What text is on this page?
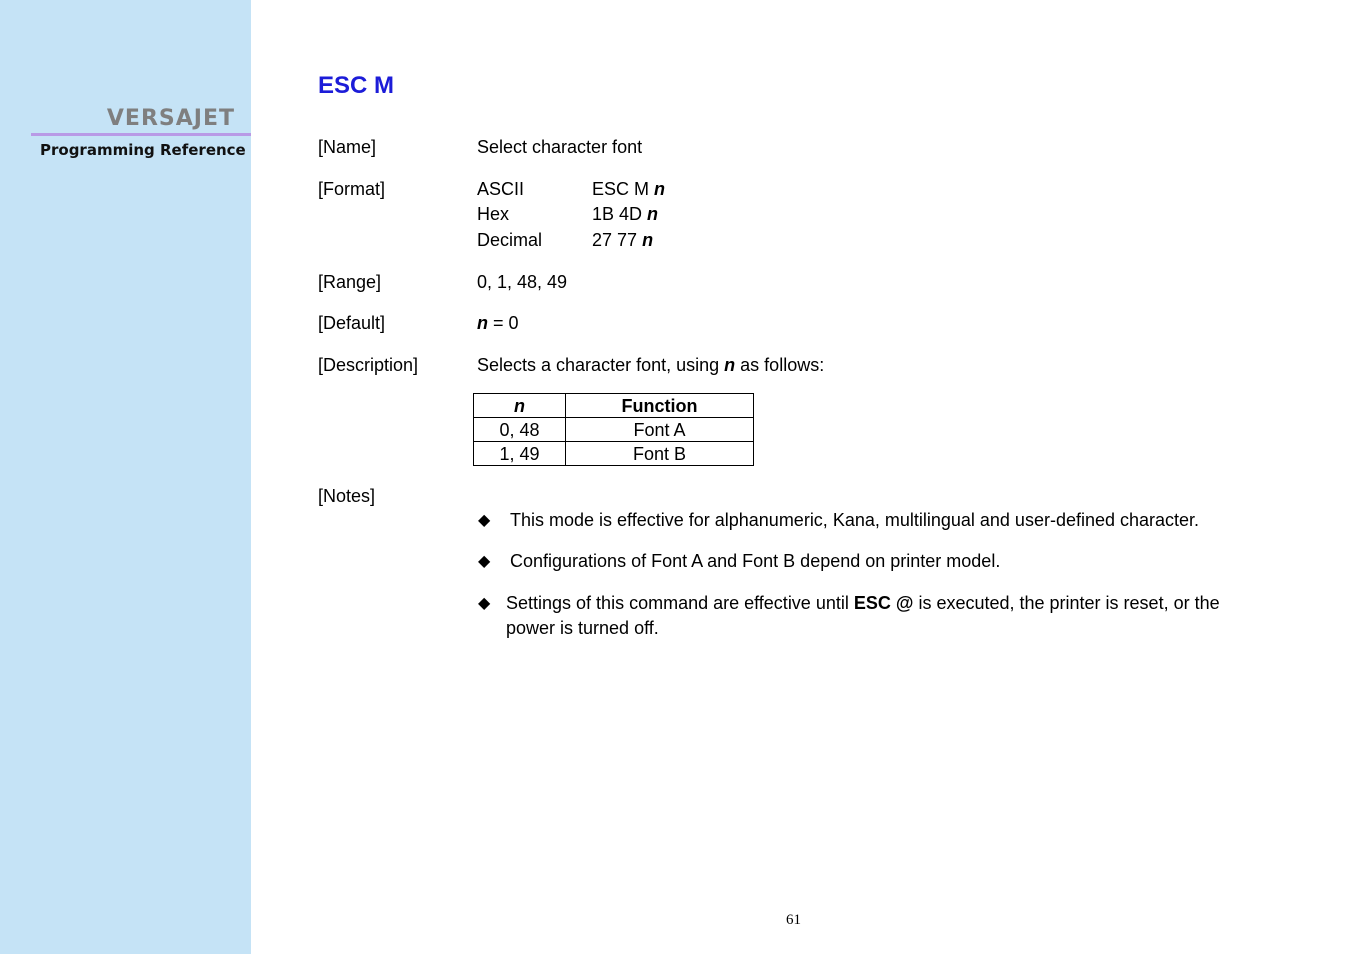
VERSAJET
Programming Reference
ESC M
[Name]	Select character font
[Format]	ASCII	ESC M n
Hex	1B 4D n
Decimal	27 77 n
[Range]	0, 1, 48, 49
[Default]	n = 0
[Description]	Selects a character font, using n as follows:
n	Function
0, 48	Font A
1, 49	Font B
[Notes]
◆ This mode is effective for alphanumeric, Kana, multilingual and user-defined character.
◆ Configurations of Font A and Font B depend on printer model.
◆ Settings of this command are effective until ESC @ is executed, the printer is reset, or the power is turned off.
61
